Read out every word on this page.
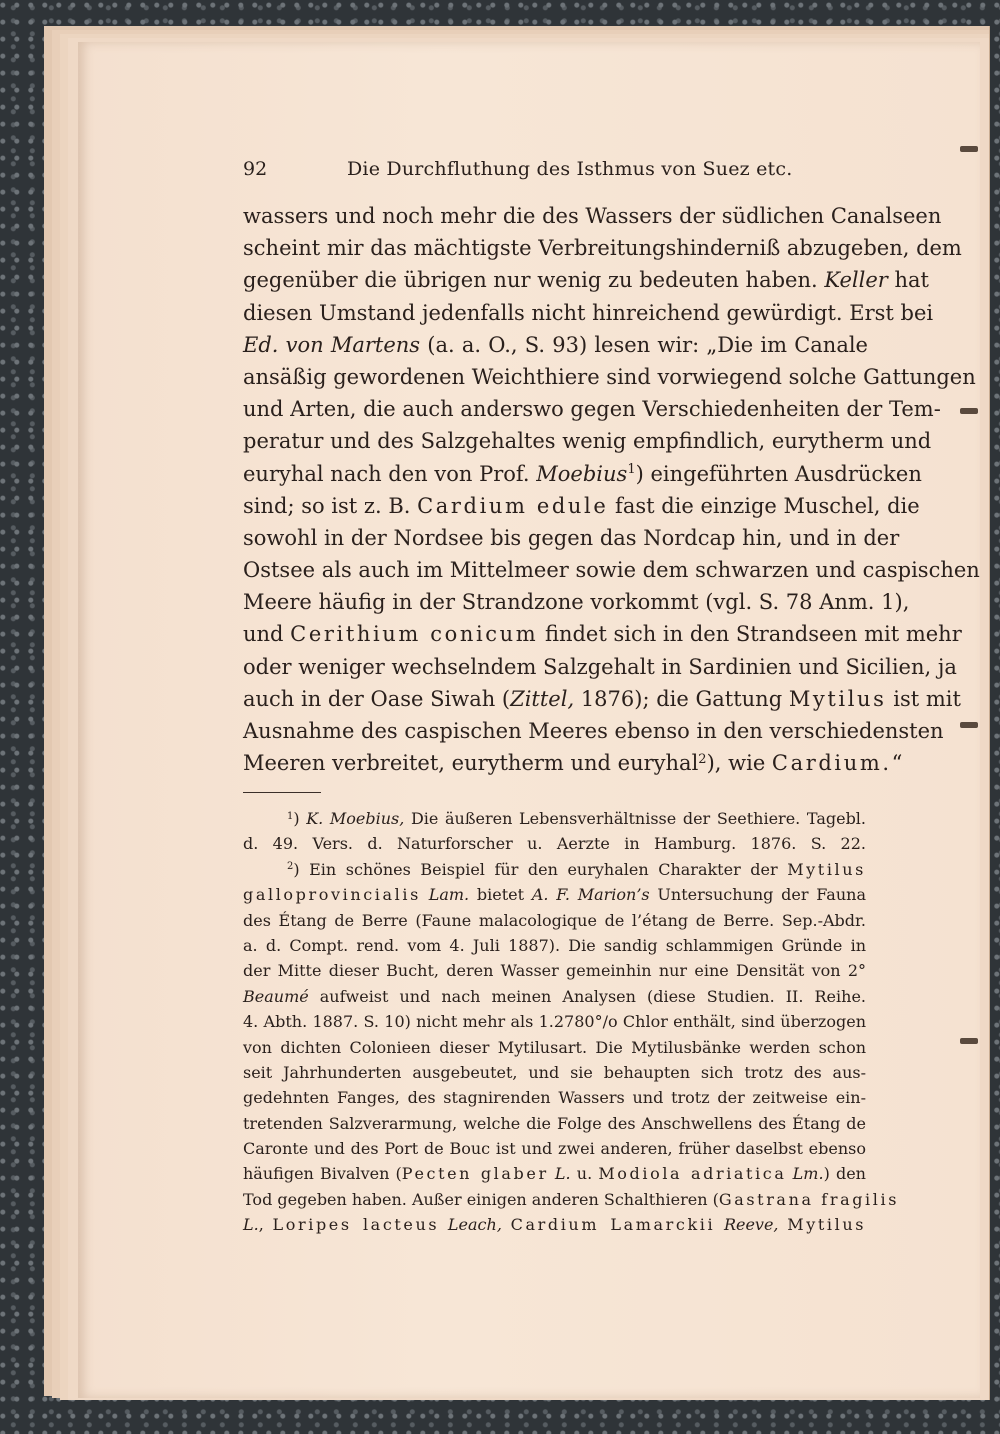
92	Die Durchfluthung des Isthmus von Suez etc.
wassers und noch mehr die des Wassers der südlichen Canalseen
scheint mir das mächtigste Verbreitungshinderniß abzugeben, dem
gegenüber die übrigen nur wenig zu bedeuten haben. Keller hat
diesen Umstand jedenfalls nicht hinreichend gewürdigt. Erst bei
Ed. von Martens (a. a. O., S. 93) lesen wir: „Die im Canale
ansäßig gewordenen Weichthiere sind vorwiegend solche Gattungen
und Arten, die auch anderswo gegen Verschiedenheiten der Tem-
peratur und des Salzgehaltes wenig empfindlich, eurytherm und
euryhal nach den von Prof. Moebius$^1$) eingeführten Ausdrücken
sind; so ist z. B. Cardium edule fast die einzige Muschel, die
sowohl in der Nordsee bis gegen das Nordcap hin, und in der
Ostsee als auch im Mittelmeer sowie dem schwarzen und caspischen
Meere häufig in der Strandzone vorkommt (vgl. S. 78 Anm. 1),
und Cerithium conicum findet sich in den Strandseen mit mehr
oder weniger wechselndem Salzgehalt in Sardinien und Sicilien, ja
auch in der Oase Siwah (Zittel, 1876); die Gattung Mytilus ist mit
Ausnahme des caspischen Meeres ebenso in den verschiedensten
Meeren verbreitet, eurytherm und euryhal$^2$), wie Cardium.“
$^1$) K. Moebius, Die äußeren Lebensverhältnisse der Seethiere. Tagebl.
d. 49. Vers. d. Naturforscher u. Aerzte in Hamburg. 1876. S. 22.
$^2$) Ein schönes Beispiel für den euryhalen Charakter der Mytilus
galloprovincialis Lam. bietet A. F. Marion’s Untersuchung der Fauna
des Étang de Berre (Faune malacologique de l’étang de Berre. Sep.-Abdr.
a. d. Compt. rend. vom 4. Juli 1887). Die sandig schlammigen Gründe in
der Mitte dieser Bucht, deren Wasser gemeinhin nur eine Densität von 2°
Beaumé aufweist und nach meinen Analysen (diese Studien. II. Reihe.
4. Abth. 1887. S. 10) nicht mehr als 1.2780°/o Chlor enthält, sind überzogen
von dichten Colonieen dieser Mytilusart. Die Mytilusbänke werden schon
seit Jahrhunderten ausgebeutet, und sie behaupten sich trotz des aus-
gedehnten Fanges, des stagnirenden Wassers und trotz der zeitweise ein-
tretenden Salzverarmung, welche die Folge des Anschwellens des Étang de
Caronte und des Port de Bouc ist und zwei anderen, früher daselbst ebenso
häufigen Bivalven (Pecten glaber L. u. Modiola adriatica Lm.) den
Tod gegeben haben. Außer einigen anderen Schalthieren (Gastrana fragilis
L., Loripes lacteus Leach, Cardium Lamarckii Reeve, Mytilus
